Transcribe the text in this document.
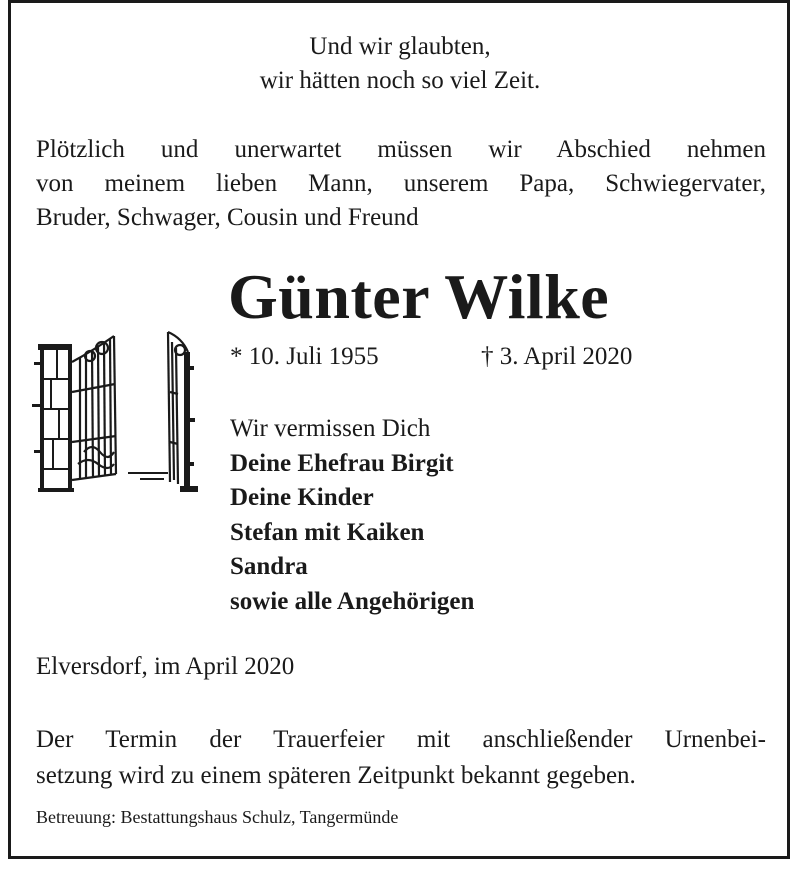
Und wir glaubten,
wir hätten noch so viel Zeit.
Plötzlich und unerwartet müssen wir Abschied nehmen
von meinem lieben Mann, unserem Papa, Schwiegervater,
Bruder, Schwager, Cousin und Freund
Günter Wilke
* 10. Juli 1955	† 3. April 2020
Wir vermissen Dich
Deine Ehefrau Birgit
Deine Kinder
Stefan mit Kaiken
Sandra
sowie alle Angehörigen
Elversdorf, im April 2020
Der Termin der Trauerfeier mit anschließender Urnenbei-
setzung wird zu einem späteren Zeitpunkt bekannt gegeben.
Betreuung: Bestattungshaus Schulz, Tangermünde
